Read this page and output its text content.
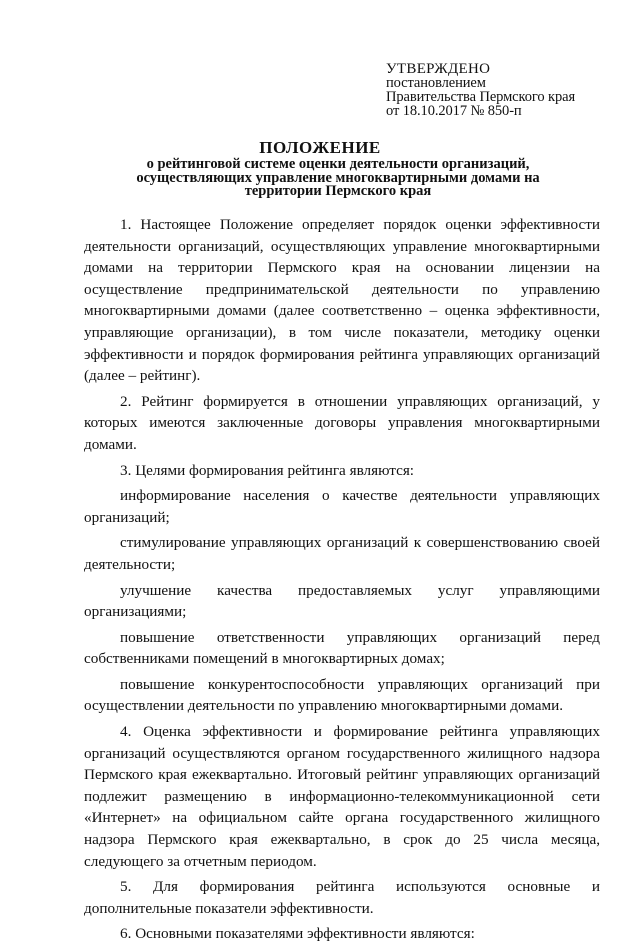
УТВЕРЖДЕНО
постановлением
Правительства Пермского края
от 18.10.2017 № 850-п
ПОЛОЖЕНИЕ
о рейтинговой системе оценки деятельности организаций, осуществляющих управление многоквартирными домами на территории Пермского края

1. Настоящее Положение определяет порядок оценки эффективности деятельности организаций, осуществляющих управление многоквартирными домами на территории Пермского края на основании лицензии на осуществление предпринимательской деятельности по управлению многоквартирными домами (далее соответственно – оценка эффективности, управляющие организации), в том числе показатели, методику оценки эффективности и порядок формирования рейтинга управляющих организаций (далее – рейтинг).

2. Рейтинг формируется в отношении управляющих организаций, у которых имеются заключенные договоры управления многоквартирными домами.

3. Целями формирования рейтинга являются:

информирование населения о качестве деятельности управляющих организаций;

стимулирование управляющих организаций к совершенствованию своей деятельности;

улучшение качества предоставляемых услуг управляющими организациями;

повышение ответственности управляющих организаций перед собственниками помещений в многоквартирных домах;

повышение конкурентоспособности управляющих организаций при осуществлении деятельности по управлению многоквартирными домами.

4. Оценка эффективности и формирование рейтинга управляющих организаций осуществляются органом государственного жилищного надзора Пермского края ежеквартально. Итоговый рейтинг управляющих организаций подлежит размещению в информационно-телекоммуникационной сети «Интернет» на официальном сайте органа государственного жилищного надзора Пермского края ежеквартально, в срок до 25 числа месяца, следующего за отчетным периодом.

5. Для формирования рейтинга используются основные и дополнительные показатели эффективности.

6. Основными показателями эффективности являются:
